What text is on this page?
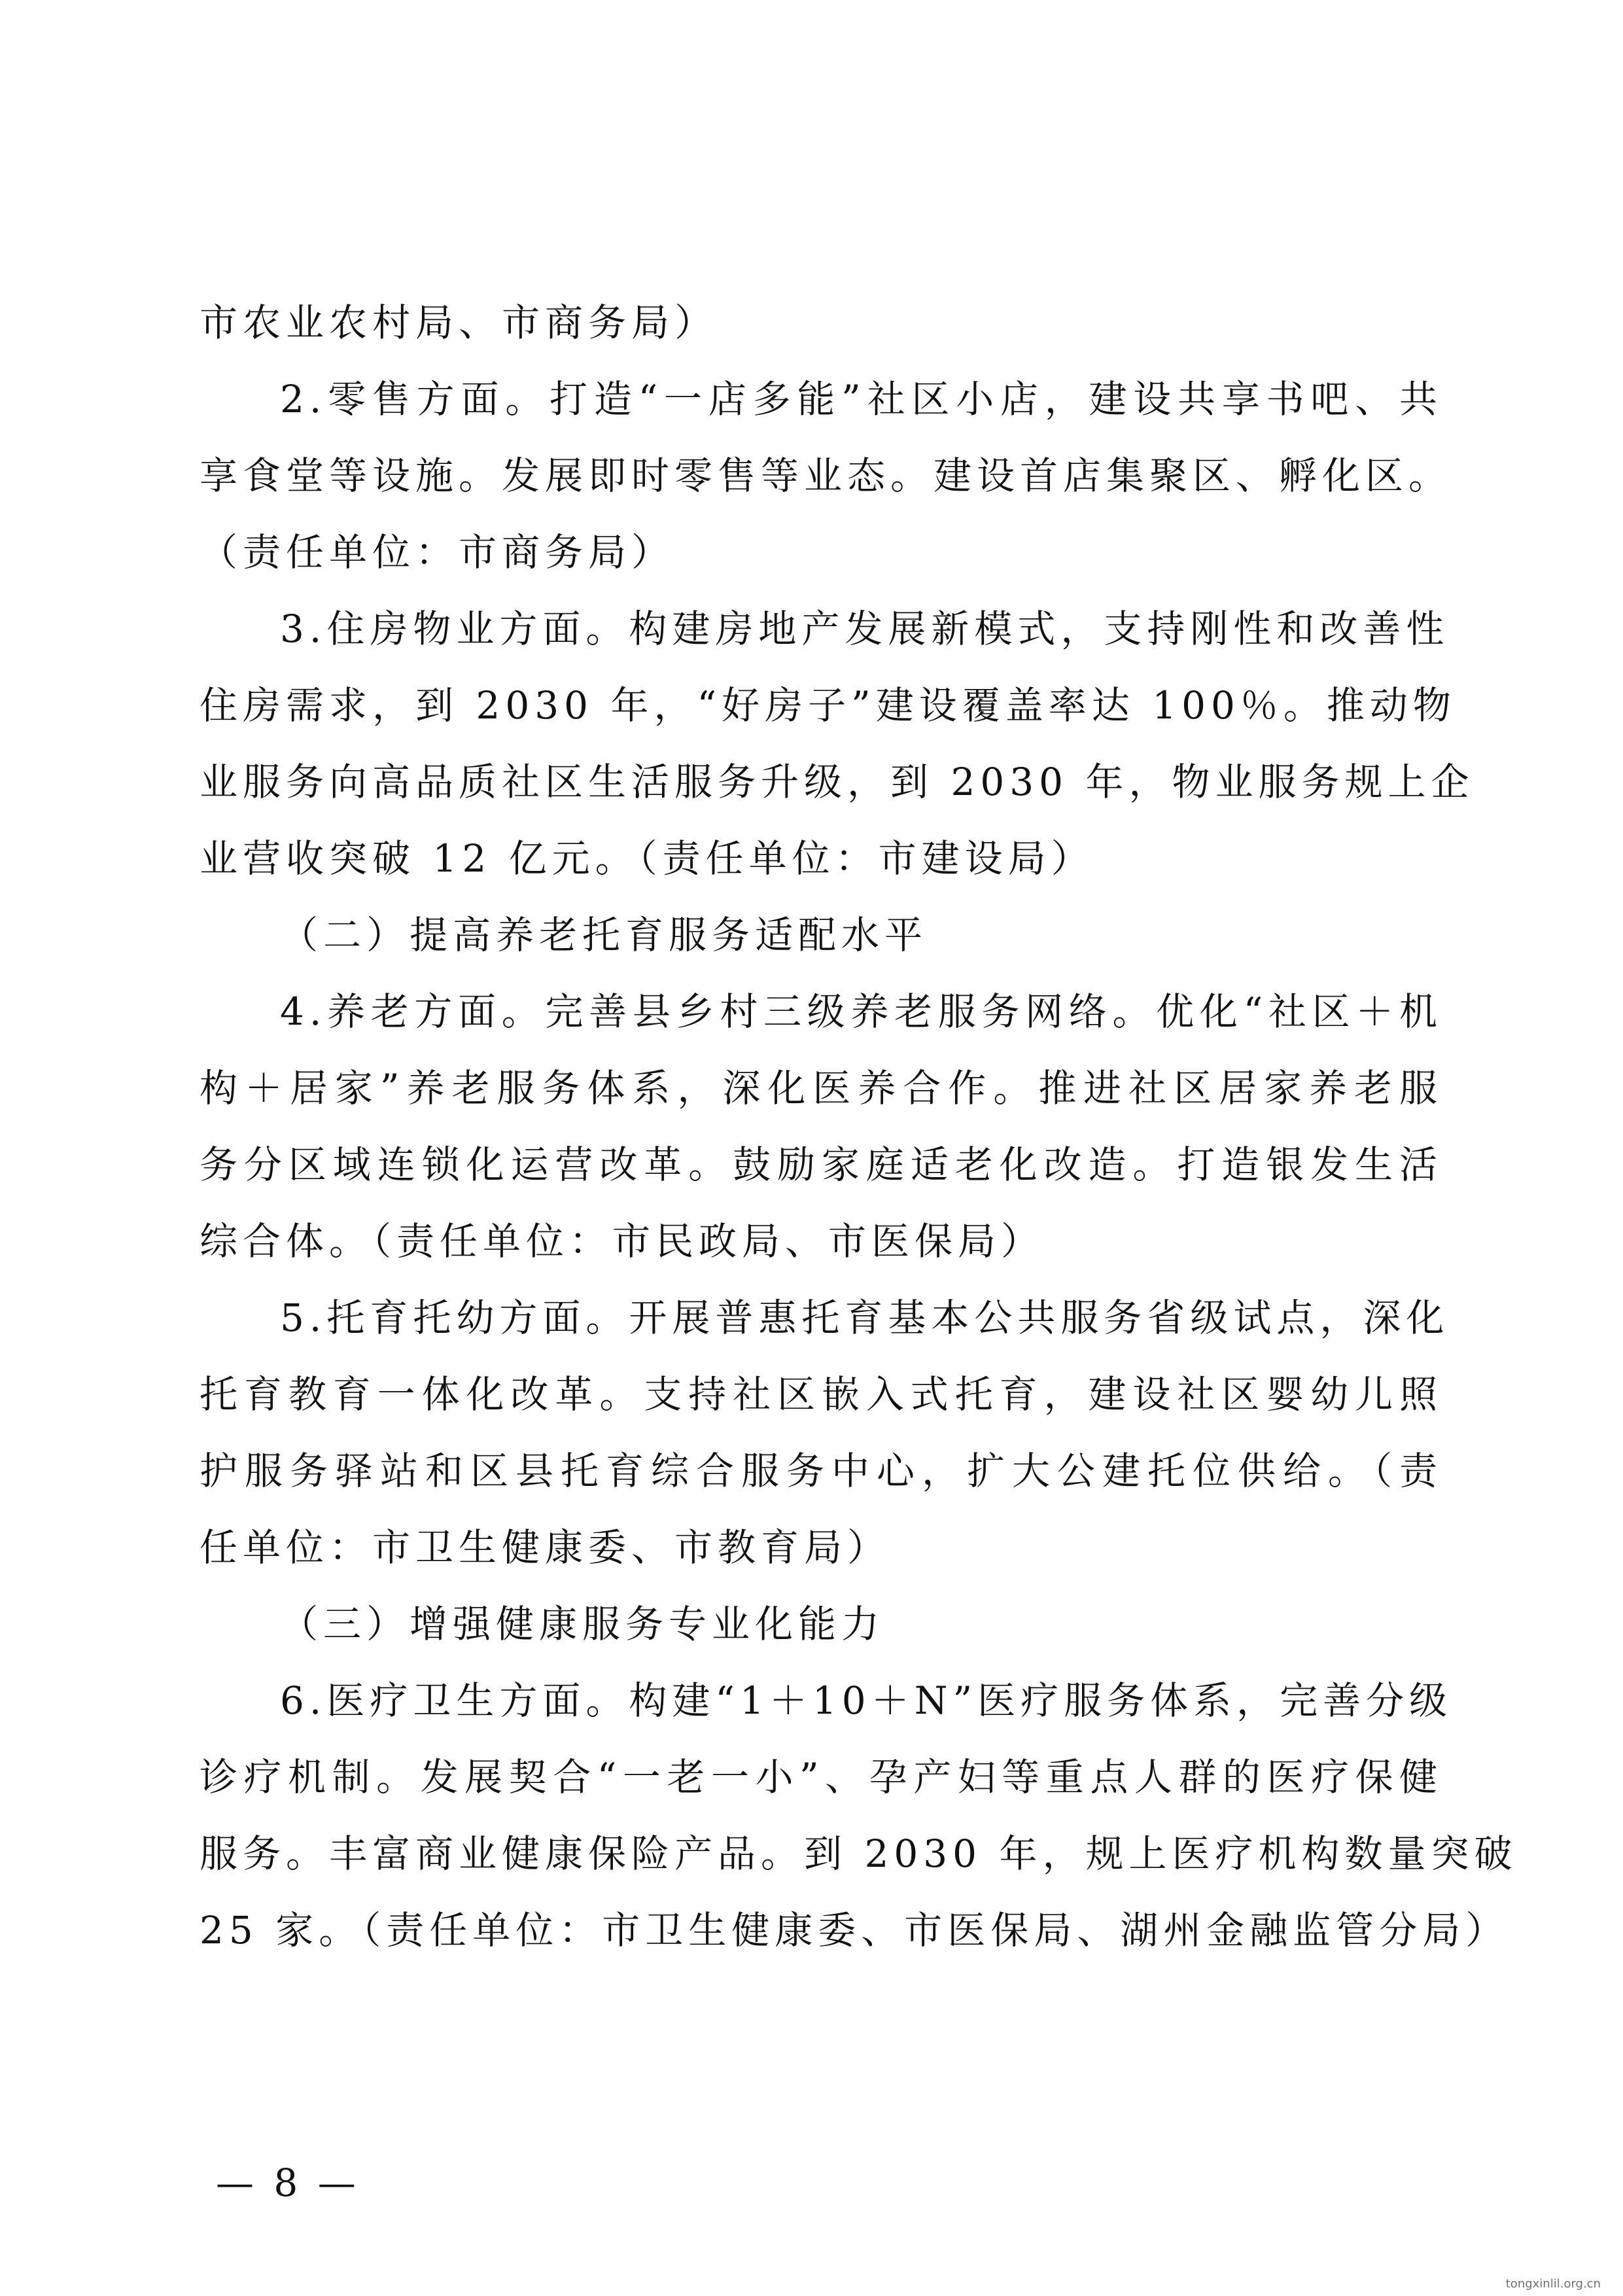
市农业农村局、市商务局）
2.零售方面。打造“一店多能”社区小店，建设共享书吧、共
享食堂等设施。发展即时零售等业态。建设首店集聚区、孵化区。
（责任单位：市商务局）
3.住房物业方面。构建房地产发展新模式，支持刚性和改善性
住房需求，到 2030 年，“好房子”建设覆盖率达 100％。推动物
业服务向高品质社区生活服务升级，到 2030 年，物业服务规上企
业营收突破 12 亿元。（责任单位：市建设局）
（二）提高养老托育服务适配水平
4.养老方面。完善县乡村三级养老服务网络。优化“社区＋机
构＋居家”养老服务体系，深化医养合作。推进社区居家养老服
务分区域连锁化运营改革。鼓励家庭适老化改造。打造银发生活
综合体。（责任单位：市民政局、市医保局）
5.托育托幼方面。开展普惠托育基本公共服务省级试点，深化
托育教育一体化改革。支持社区嵌入式托育，建设社区婴幼儿照
护服务驿站和区县托育综合服务中心，扩大公建托位供给。（责
任单位：市卫生健康委、市教育局）
（三）增强健康服务专业化能力
6.医疗卫生方面。构建“1＋10＋N”医疗服务体系，完善分级
诊疗机制。发展契合“一老一小”、孕产妇等重点人群的医疗保健
服务。丰富商业健康保险产品。到 2030 年，规上医疗机构数量突破
25 家。（责任单位：市卫生健康委、市医保局、湖州金融监管分局）
— 8 —
tongxinlil.org.cn
